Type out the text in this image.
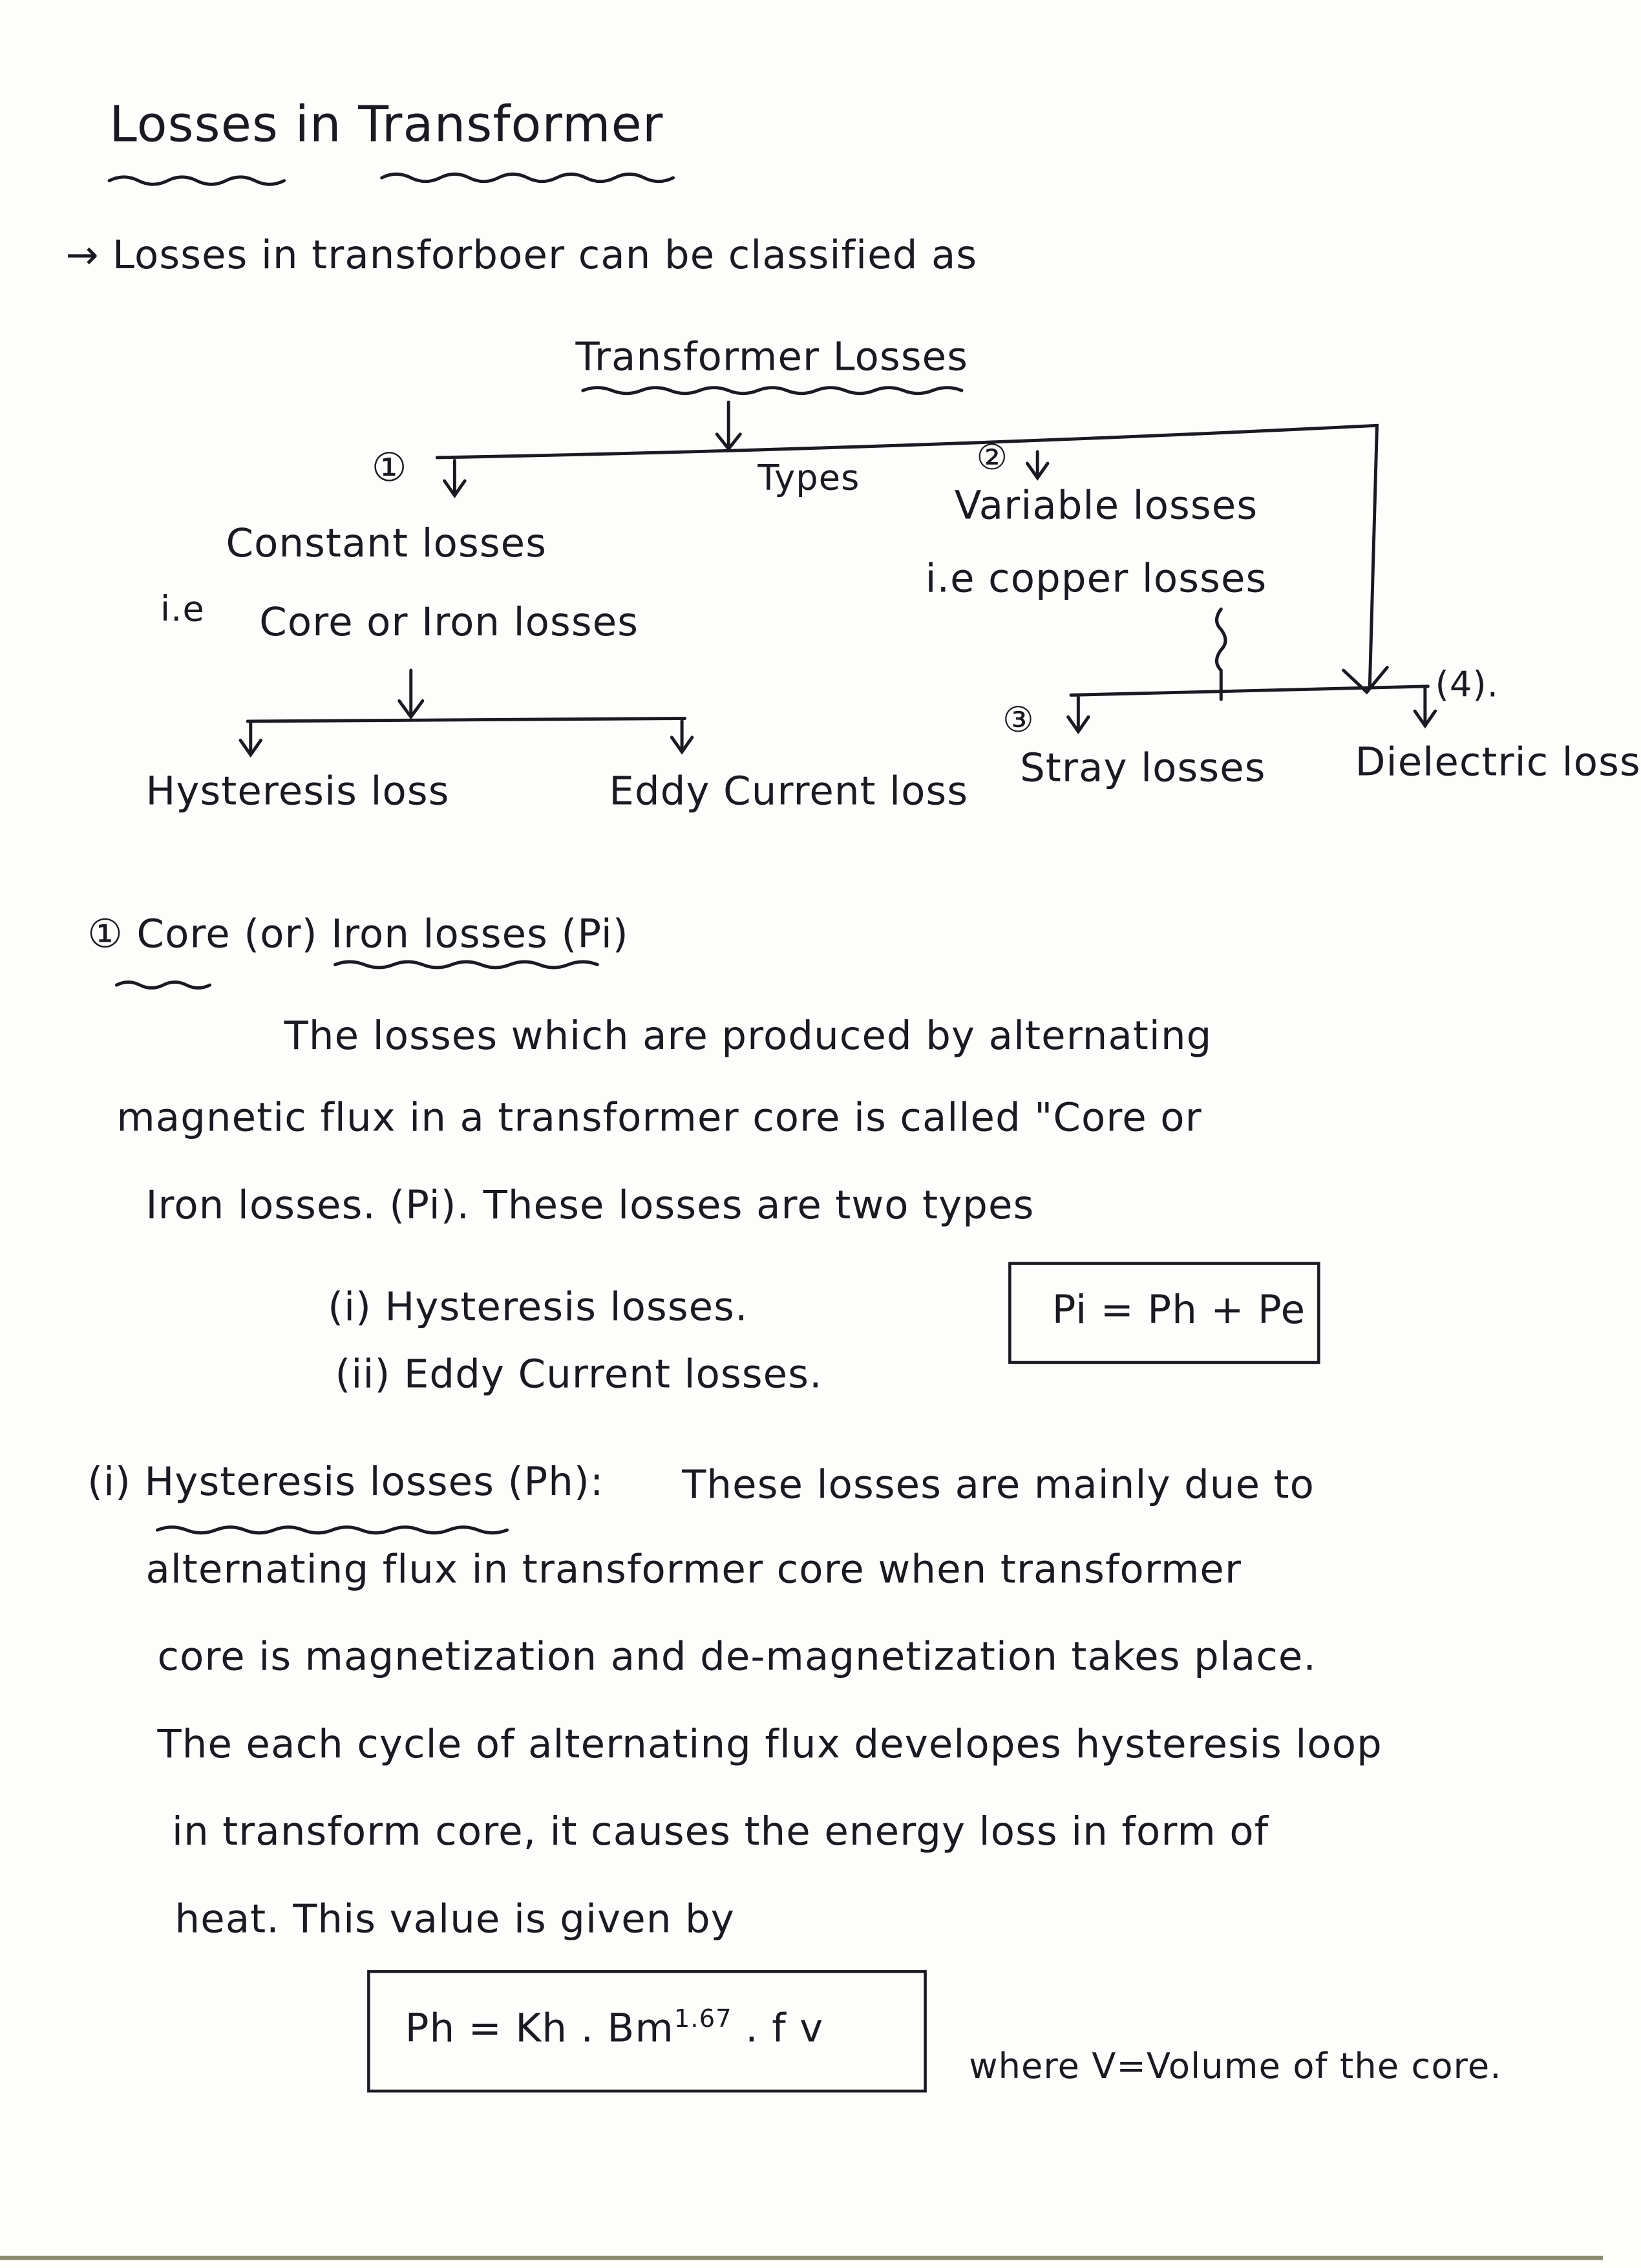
Losses in Transformer
→ Losses in transforboer can be classified as
Transformer Losses
Types
①
Constant losses
i.e	Core or Iron losses
②
Variable losses
i.e copper losses
Hysteresis loss	Eddy Current loss
③
Stray losses
(4).
Dielectric loss
① Core (or) Iron losses (Pi)
The losses which are produced by alternating
magnetic flux in a transformer core is called "Core or
Iron losses. (Pi). These losses are two types
(i) Hysteresis losses.
(ii) Eddy Current losses.
Pi = Ph + Pe
(i) Hysteresis losses (Ph):	These losses are mainly due to
alternating flux in transformer core when transformer
core is magnetization and de-magnetization takes place.
The each cycle of alternating flux developes hysteresis loop
in transform core, it causes the energy loss in form of
heat. This value is given by
Ph = Kh . $Bm^{1.67}$ . f v
where V=Volume of the core.
